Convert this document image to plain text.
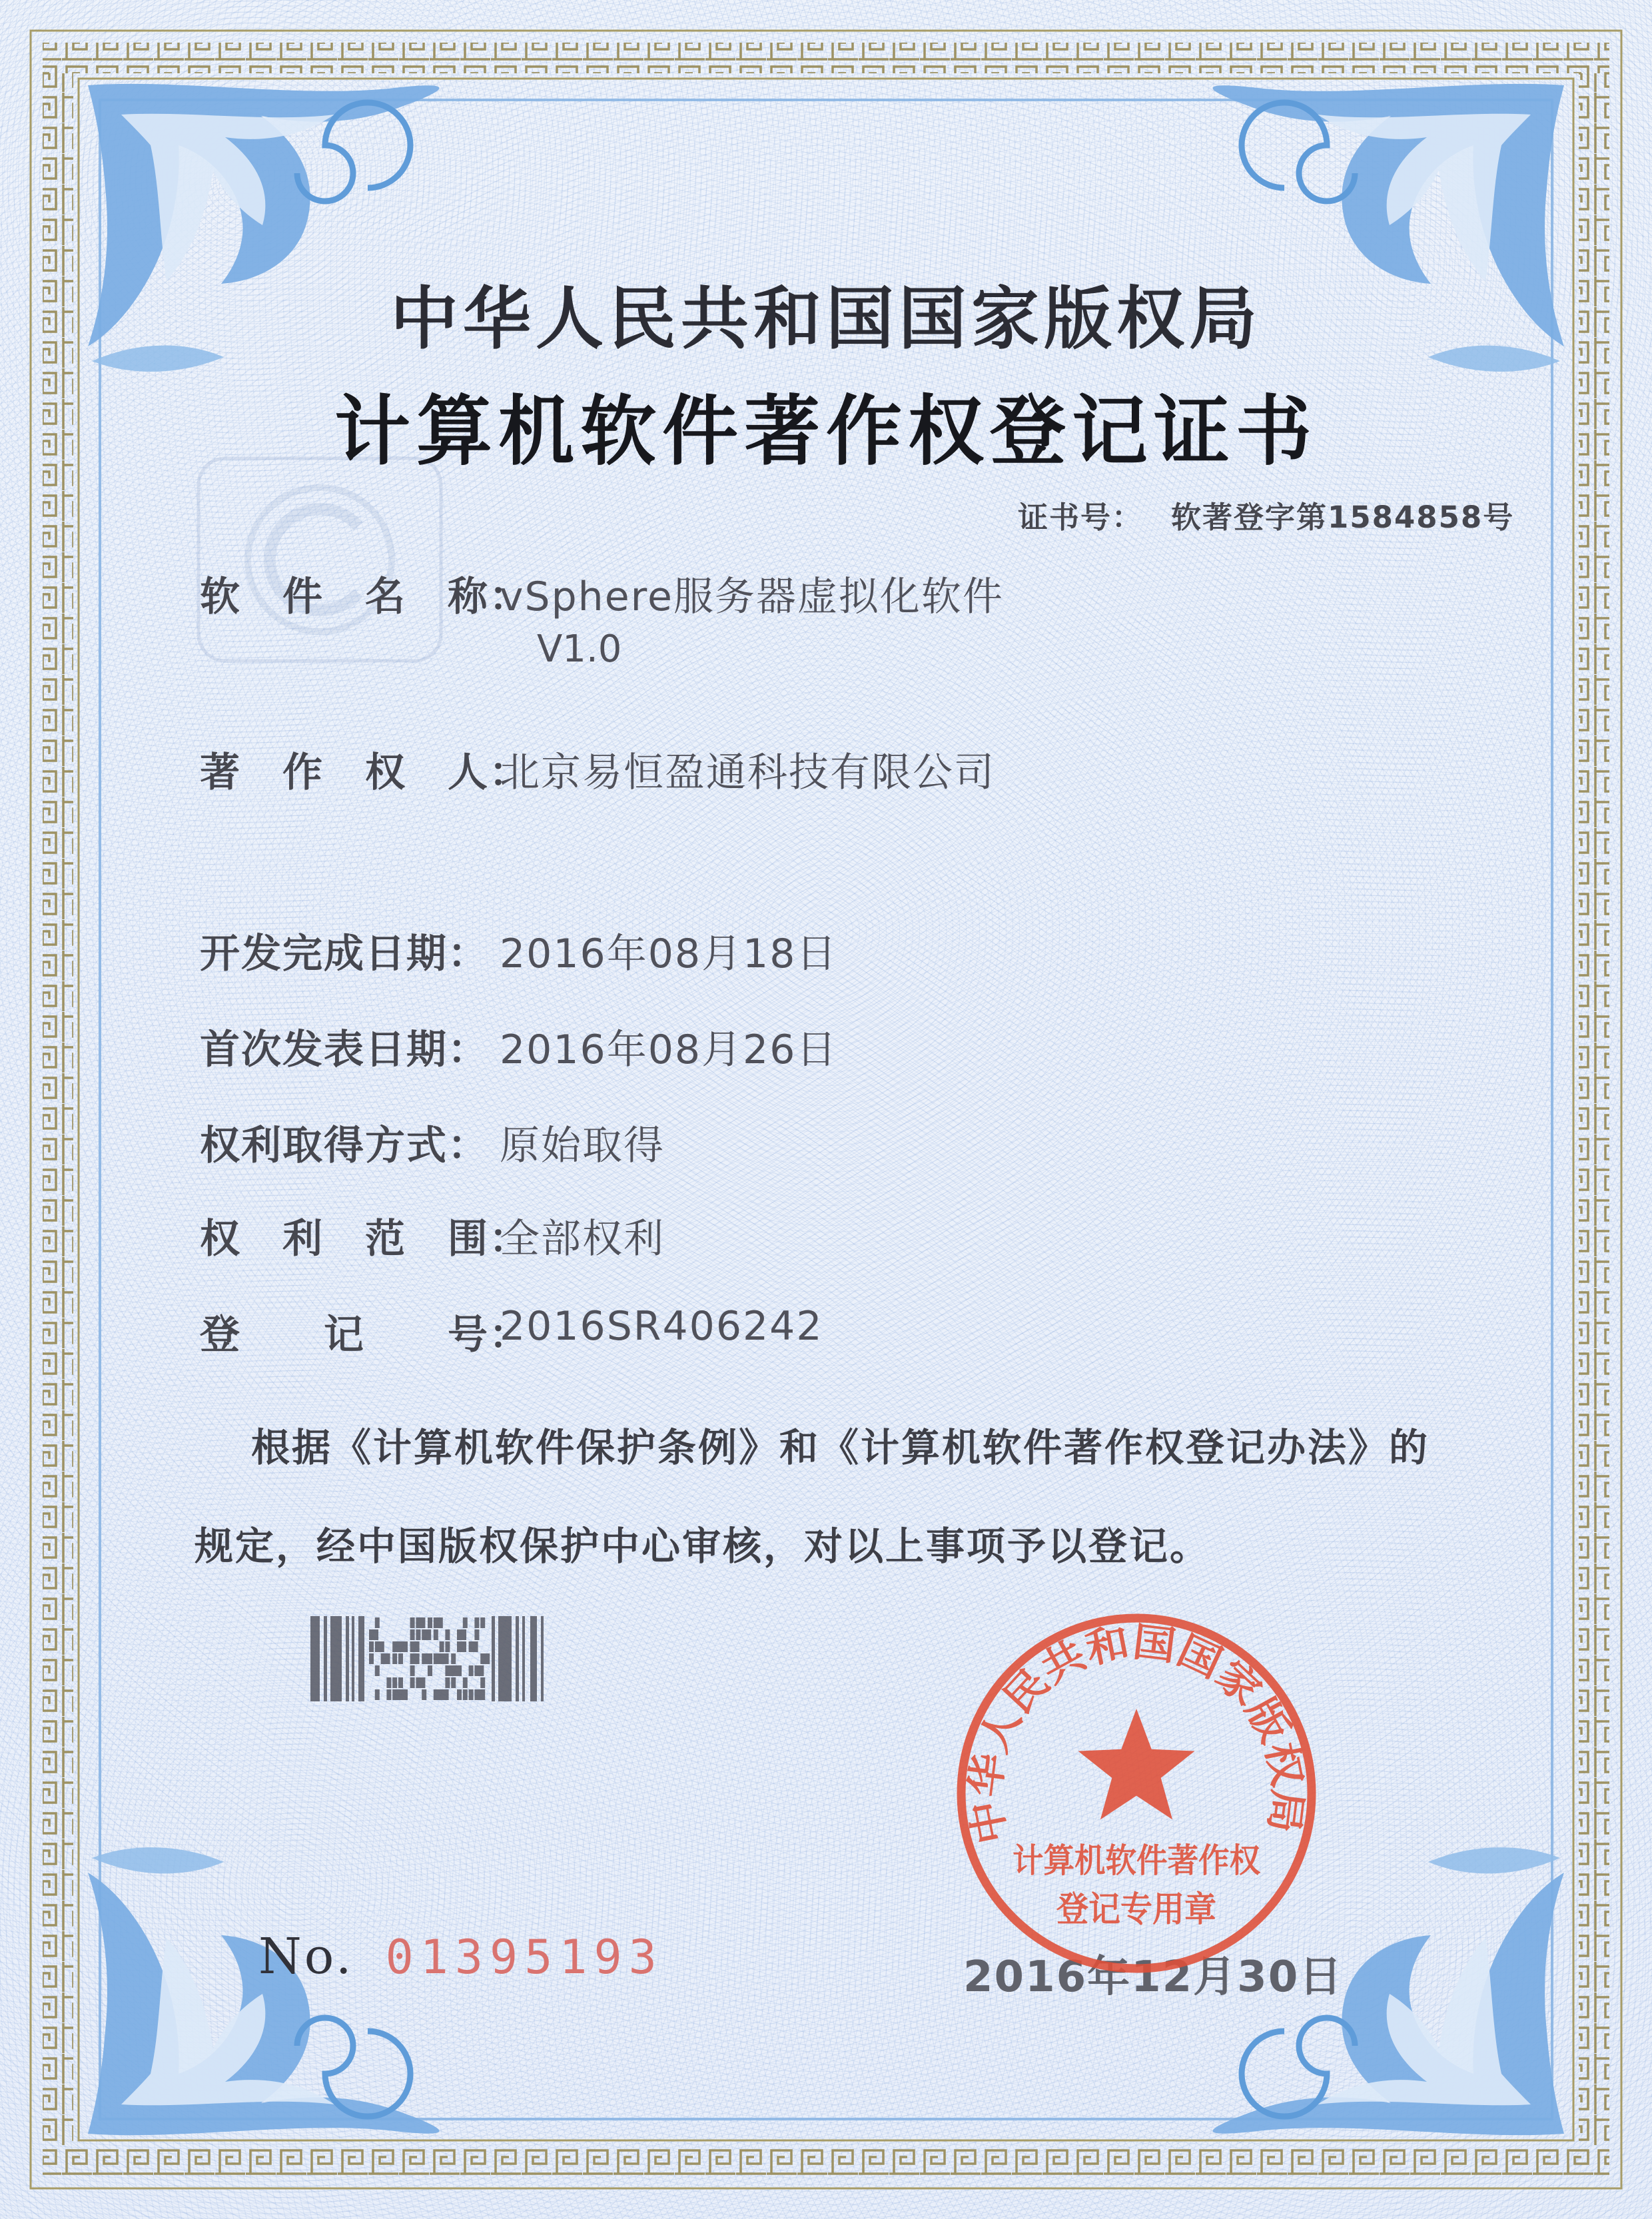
中华人民共和国国家版权局
计算机软件著作权登记证书
证书号： 软著登字第1584858号
软　件　名　称：
vSphere服务器虚拟化软件
V1.0
著　作　权　人：
北京易恒盈通科技有限公司
开发完成日期： 2016年08月18日
首次发表日期： 2016年08月26日
权利取得方式： 原始取得
权　利　范　围：
全部权利
登　　记　　号：
2016SR406242
根据《计算机软件保护条例》和《计算机软件著作权登记办法》的
规定，经中国版权保护中心审核，对以上事项予以登记。
No. 01395193	2016年12月30日
中华人民共和国国家版权局
计算机软件著作权
登记专用章
